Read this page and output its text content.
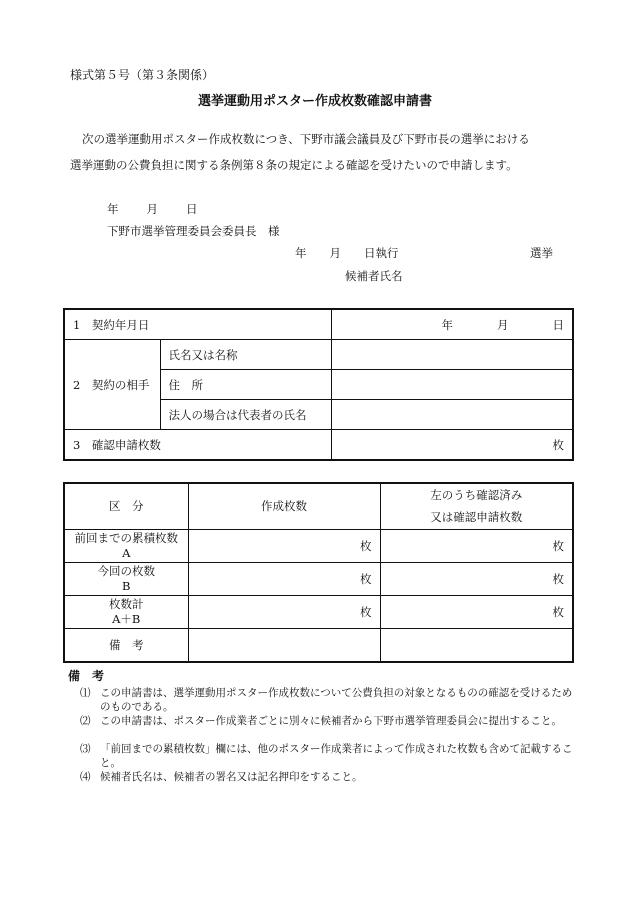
様式第５号（第３条関係）
選挙運動用ポスター作成枚数確認申請書
次の選挙運動用ポスター作成枚数につき、下野市議会議員及び下野市長の選挙における
選挙運動の公費負担に関する条例第８条の規定による確認を受けたいので申請します。
年 月 日
下野市選挙管理委員会委員長　様
年　　月　　日執行	選挙
候補者氏名
1　契約年月日		年 月 日
2　契約の相手	氏名又は名称	
	住　所	
	法人の場合は代表者の氏名	
3　確認申請枚数		枚
区　分	作成枚数	左のうち確認済み
又は確認申請枚数

前回までの累積枚数
A	枚	枚

今回の枚数
B	枚	枚

枚数計
A＋B	枚	枚
備　考		
備　考
⑴ この申請書は、選挙運動用ポスター作成枚数について公費負担の対象となるものの確認を受けるためのものである。
⑵ この申請書は、ポスター作成業者ごとに別々に候補者から下野市選挙管理委員会に提出すること。
⑶ 「前回までの累積枚数」欄には、他のポスター作成業者によって作成された枚数も含めて記載すること。
⑷ 候補者氏名は、候補者の署名又は記名押印をすること。
